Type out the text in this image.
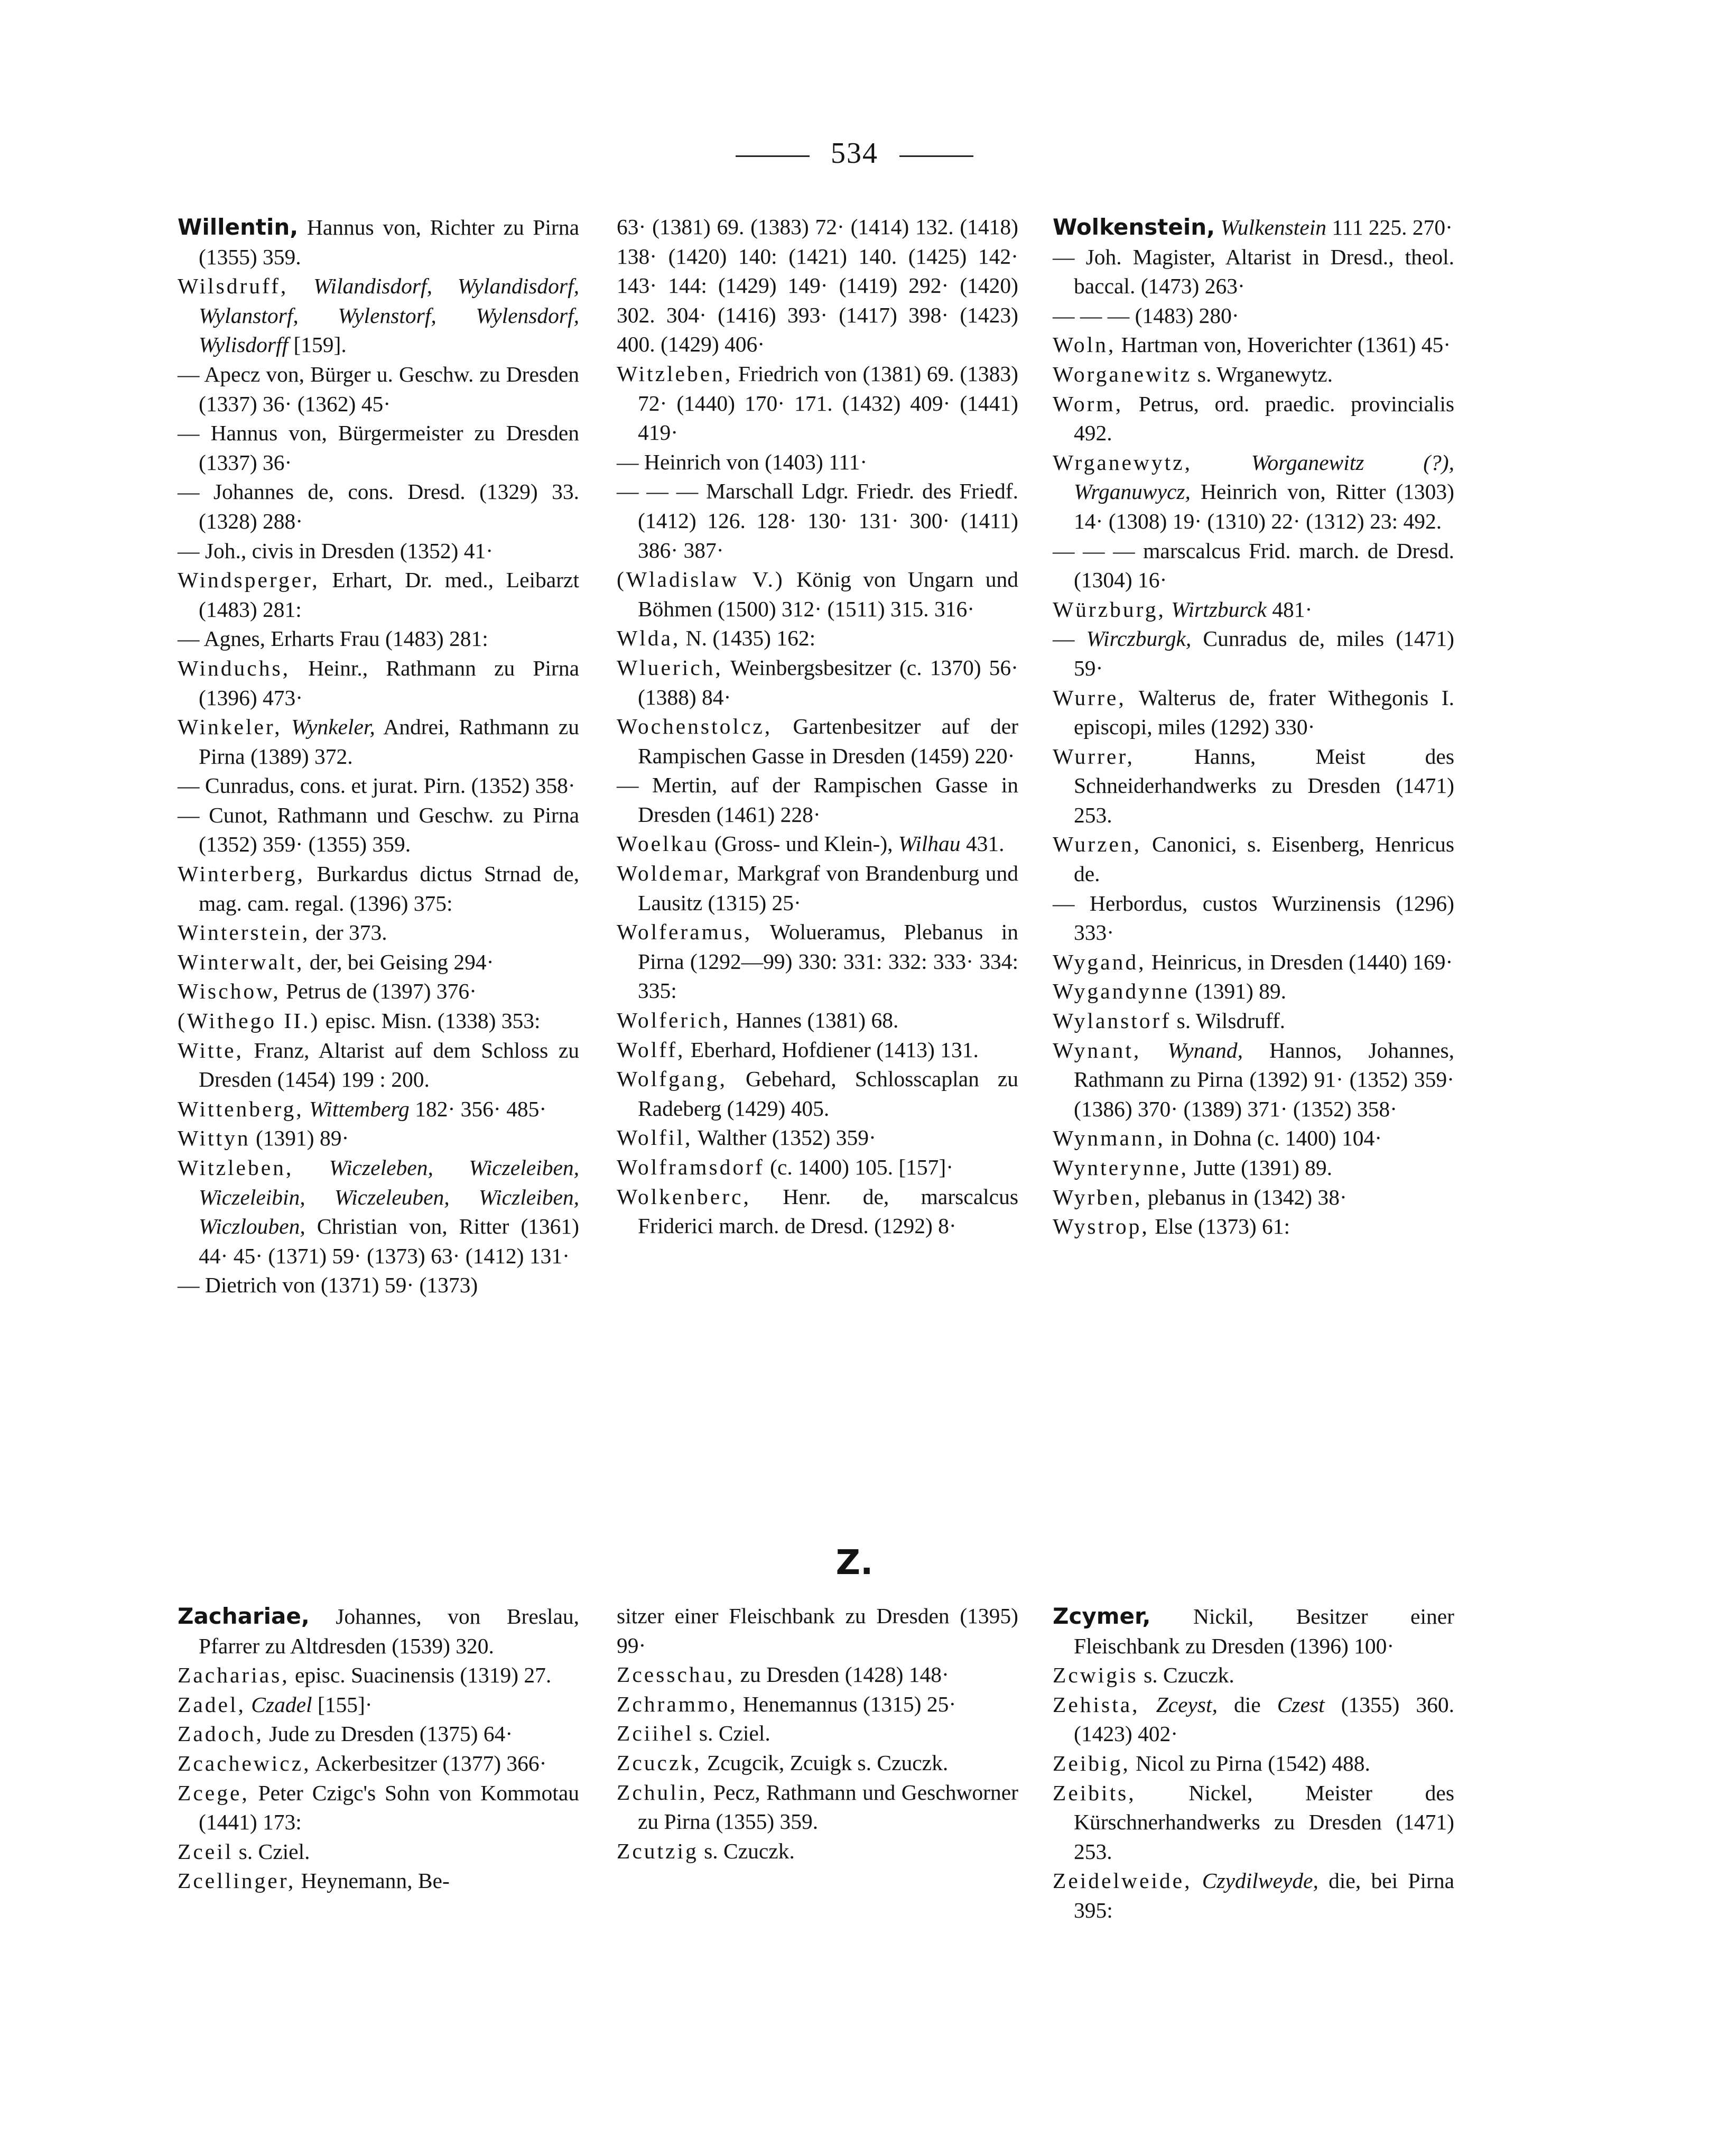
534

Willentin, Hannus von, Richter zu Pirna (1355) 359.

Wilsdruff, Wilandisdorf, Wylandisdorf, Wylanstorf, Wylenstorf, Wylensdorf, Wylisdorff [159].

— Apecz von, Bürger u. Geschw. zu Dresden (1337) 36· (1362) 45·

— Hannus von, Bürgermeister zu Dresden (1337) 36·

— Johannes de, cons. Dresd. (1329) 33. (1328) 288·

— Joh., civis in Dresden (1352) 41·

Windsperger, Erhart, Dr. med., Leibarzt (1483) 281:

— Agnes, Erharts Frau (1483) 281:

Winduchs, Heinr., Rathmann zu Pirna (1396) 473·

Winkeler, Wynkeler, Andrei, Rathmann zu Pirna (1389) 372.

— Cunradus, cons. et jurat. Pirn. (1352) 358·

— Cunot, Rathmann und Geschw. zu Pirna (1352) 359· (1355) 359.

Winterberg, Burkardus dictus Strnad de, mag. cam. regal. (1396) 375:

Winterstein, der 373.

Winterwalt, der, bei Geising 294·

Wischow, Petrus de (1397) 376·

(Withego II.) episc. Misn. (1338) 353:

Witte, Franz, Altarist auf dem Schloss zu Dresden (1454) 199 : 200.

Wittenberg, Wittemberg 182· 356· 485·

Wittyn (1391) 89·

Witzleben, Wiczeleben, Wiczeleiben, Wiczeleibin, Wiczeleuben, Wiczleiben, Wiczlouben, Christian von, Ritter (1361) 44· 45· (1371) 59· (1373) 63· (1412) 131·

— Dietrich von (1371) 59· (1373)

63· (1381) 69. (1383) 72· (1414) 132. (1418) 138· (1420) 140: (1421) 140. (1425) 142· 143· 144: (1429) 149· (1419) 292· (1420) 302. 304· (1416) 393· (1417) 398· (1423) 400. (1429) 406·

Witzleben, Friedrich von (1381) 69. (1383) 72· (1440) 170· 171. (1432) 409· (1441) 419·

— Heinrich von (1403) 111·

— — — Marschall Ldgr. Friedr. des Friedf. (1412) 126. 128· 130· 131· 300· (1411) 386· 387·

(Wladislaw V.) König von Ungarn und Böhmen (1500) 312· (1511) 315. 316·

Wlda, N. (1435) 162:

Wluerich, Weinbergsbesitzer (c. 1370) 56· (1388) 84·

Wochenstolcz, Gartenbesitzer auf der Rampischen Gasse in Dresden (1459) 220·

— Mertin, auf der Rampischen Gasse in Dresden (1461) 228·

Woelkau (Gross- und Klein-), Wilhau 431.

Woldemar, Markgraf von Brandenburg und Lausitz (1315) 25·

Wolferamus, Wolueramus, Plebanus in Pirna (1292—99) 330: 331: 332: 333· 334: 335:

Wolferich, Hannes (1381) 68.

Wolff, Eberhard, Hofdiener (1413) 131.

Wolfgang, Gebehard, Schlosscaplan zu Radeberg (1429) 405.

Wolfil, Walther (1352) 359·

Wolframsdorf (c. 1400) 105. [157]·

Wolkenberc, Henr. de, marscalcus Friderici march. de Dresd. (1292) 8·

Wolkenstein, Wulkenstein 111 225. 270·

— Joh. Magister, Altarist in Dresd., theol. baccal. (1473) 263·

— — — (1483) 280·

Woln, Hartman von, Hoverichter (1361) 45·

Worganewitz s. Wrganewytz.

Worm, Petrus, ord. praedic. provincialis 492.

Wrganewytz, Worganewitz (?), Wrganuwycz, Heinrich von, Ritter (1303) 14· (1308) 19· (1310) 22· (1312) 23: 492.

— — — marscalcus Frid. march. de Dresd. (1304) 16·

Würzburg, Wirtzburck 481·

— Wirczburgk, Cunradus de, miles (1471) 59·

Wurre, Walterus de, frater Withegonis I. episcopi, miles (1292) 330·

Wurrer, Hanns, Meist des Schneiderhandwerks zu Dresden (1471) 253.

Wurzen, Canonici, s. Eisenberg, Henricus de.

— Herbordus, custos Wurzinensis (1296) 333·

Wygand, Heinricus, in Dresden (1440) 169·

Wygandynne (1391) 89.

Wylanstorf s. Wilsdruff.

Wynant, Wynand, Hannos, Johannes, Rathmann zu Pirna (1392) 91· (1352) 359· (1386) 370· (1389) 371· (1352) 358·

Wynmann, in Dohna (c. 1400) 104·

Wynterynne, Jutte (1391) 89.

Wyrben, plebanus in (1342) 38·

Wystrop, Else (1373) 61:

Z.

Zachariae, Johannes, von Breslau, Pfarrer zu Altdresden (1539) 320.

Zacharias, episc. Suacinensis (1319) 27.

Zadel, Czadel [155]·

Zadoch, Jude zu Dresden (1375) 64·

Zcachewicz, Ackerbesitzer (1377) 366·

Zcege, Peter Czigc's Sohn von Kommotau (1441) 173:

Zceil s. Cziel.

Zcellinger, Heynemann, Be-

sitzer einer Fleischbank zu Dresden (1395) 99·

Zcesschau, zu Dresden (1428) 148·

Zchrammo, Henemannus (1315) 25·

Zciihel s. Cziel.

Zcuczk, Zcugcik, Zcuigk s. Czuczk.

Zchulin, Pecz, Rathmann und Geschworner zu Pirna (1355) 359.

Zcutzig s. Czuczk.

Zcymer, Nickil, Besitzer einer Fleischbank zu Dresden (1396) 100·

Zcwigis s. Czuczk.

Zehista, Zceyst, die Czest (1355) 360. (1423) 402·

Zeibig, Nicol zu Pirna (1542) 488.

Zeibits, Nickel, Meister des Kürschnerhandwerks zu Dresden (1471) 253.

Zeidelweide, Czydilweyde, die, bei Pirna 395:
